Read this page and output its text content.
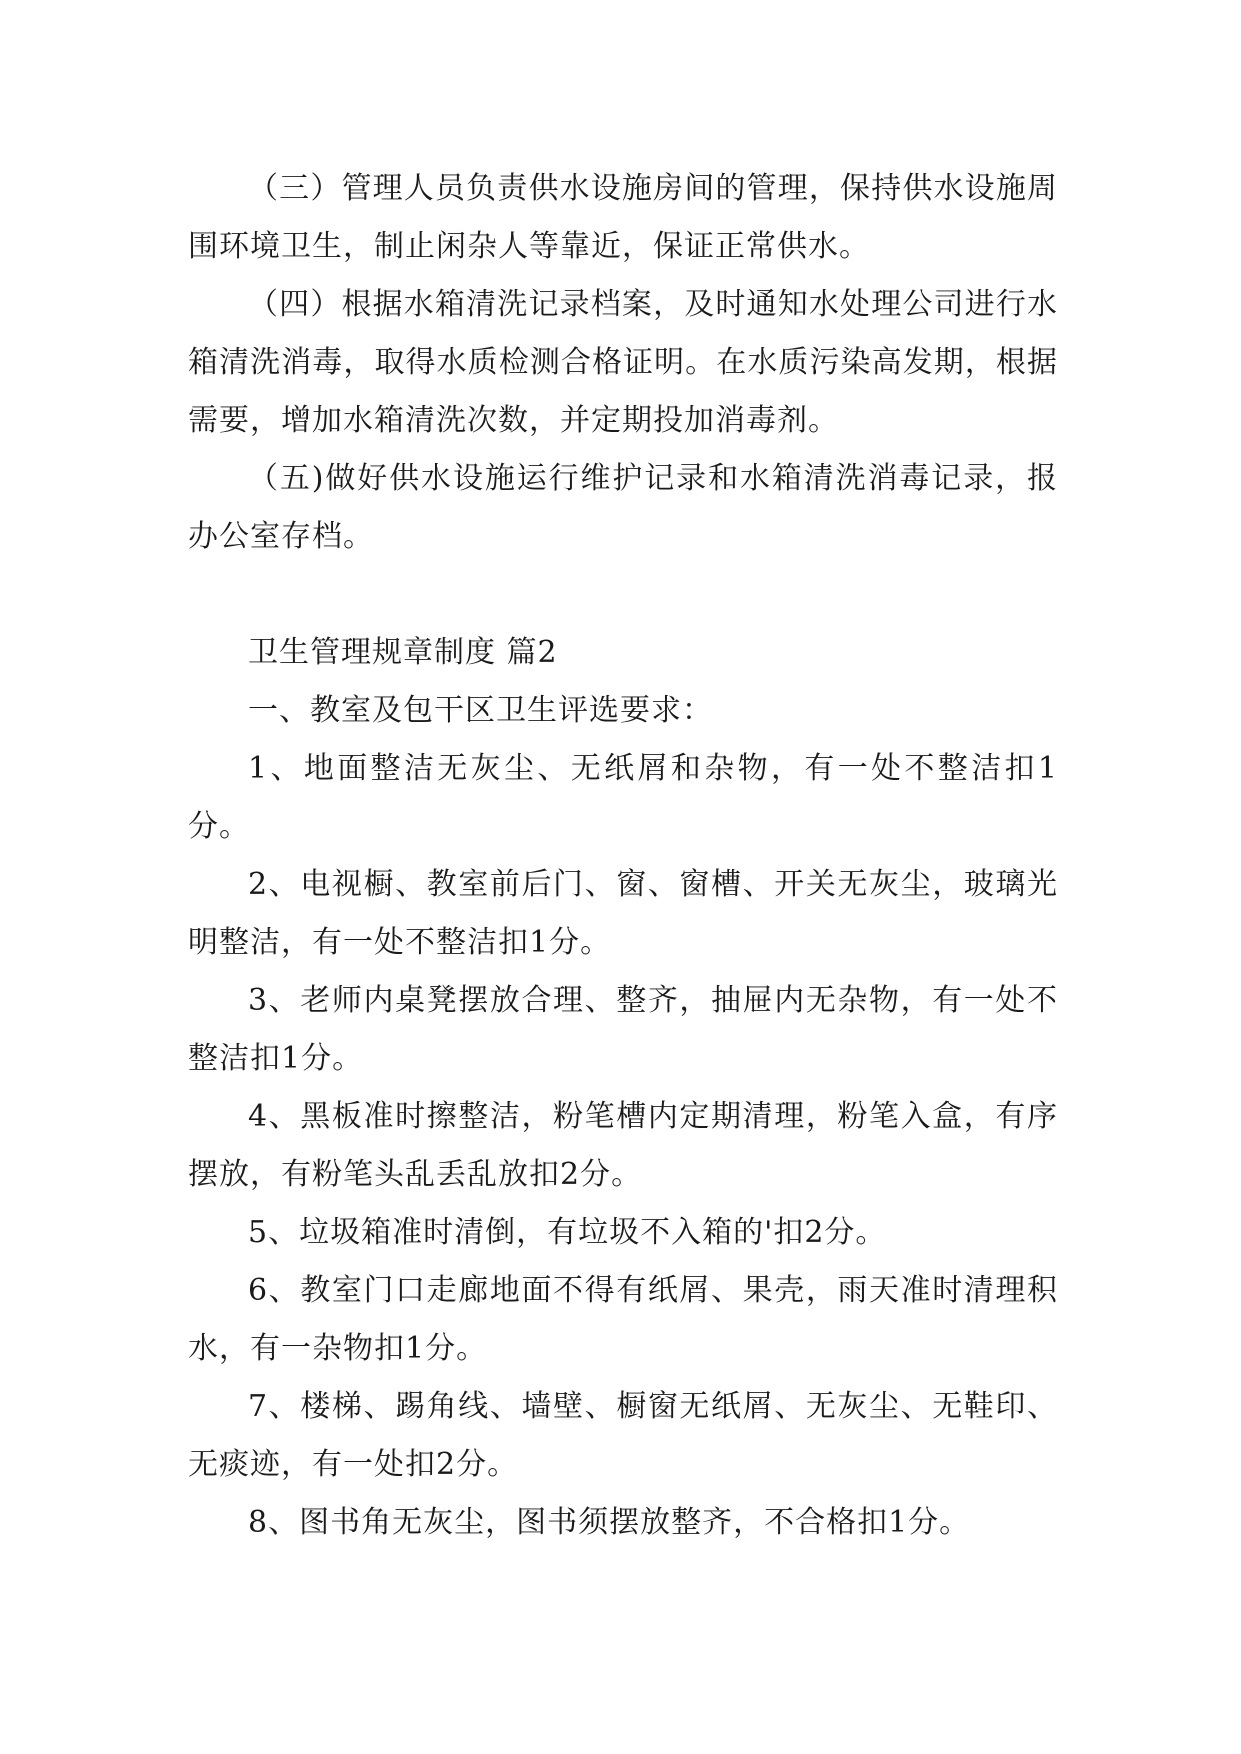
（三）管理人员负责供水设施房间的管理，保持供水设施周围环境卫生，制止闲杂人等靠近，保证正常供水。

（四）根据水箱清洗记录档案，及时通知水处理公司进行水箱清洗消毒，取得水质检测合格证明。在水质污染高发期，根据需要，增加水箱清洗次数，并定期投加消毒剂。

（五)做好供水设施运行维护记录和水箱清洗消毒记录，报办公室存档。

卫生管理规章制度 篇2

一、教室及包干区卫生评选要求：

1、地面整洁无灰尘、无纸屑和杂物，有一处不整洁扣1分。

2、电视橱、教室前后门、窗、窗槽、开关无灰尘，玻璃光明整洁，有一处不整洁扣1分。

3、老师内桌凳摆放合理、整齐，抽屉内无杂物，有一处不整洁扣1分。

4、黑板准时擦整洁，粉笔槽内定期清理，粉笔入盒，有序摆放，有粉笔头乱丢乱放扣2分。

5、垃圾箱准时清倒，有垃圾不入箱的'扣2分。

6、教室门口走廊地面不得有纸屑、果壳，雨天准时清理积水，有一杂物扣1分。

7、楼梯、踢角线、墙壁、橱窗无纸屑、无灰尘、无鞋印、无痰迹，有一处扣2分。

8、图书角无灰尘，图书须摆放整齐，不合格扣1分。
